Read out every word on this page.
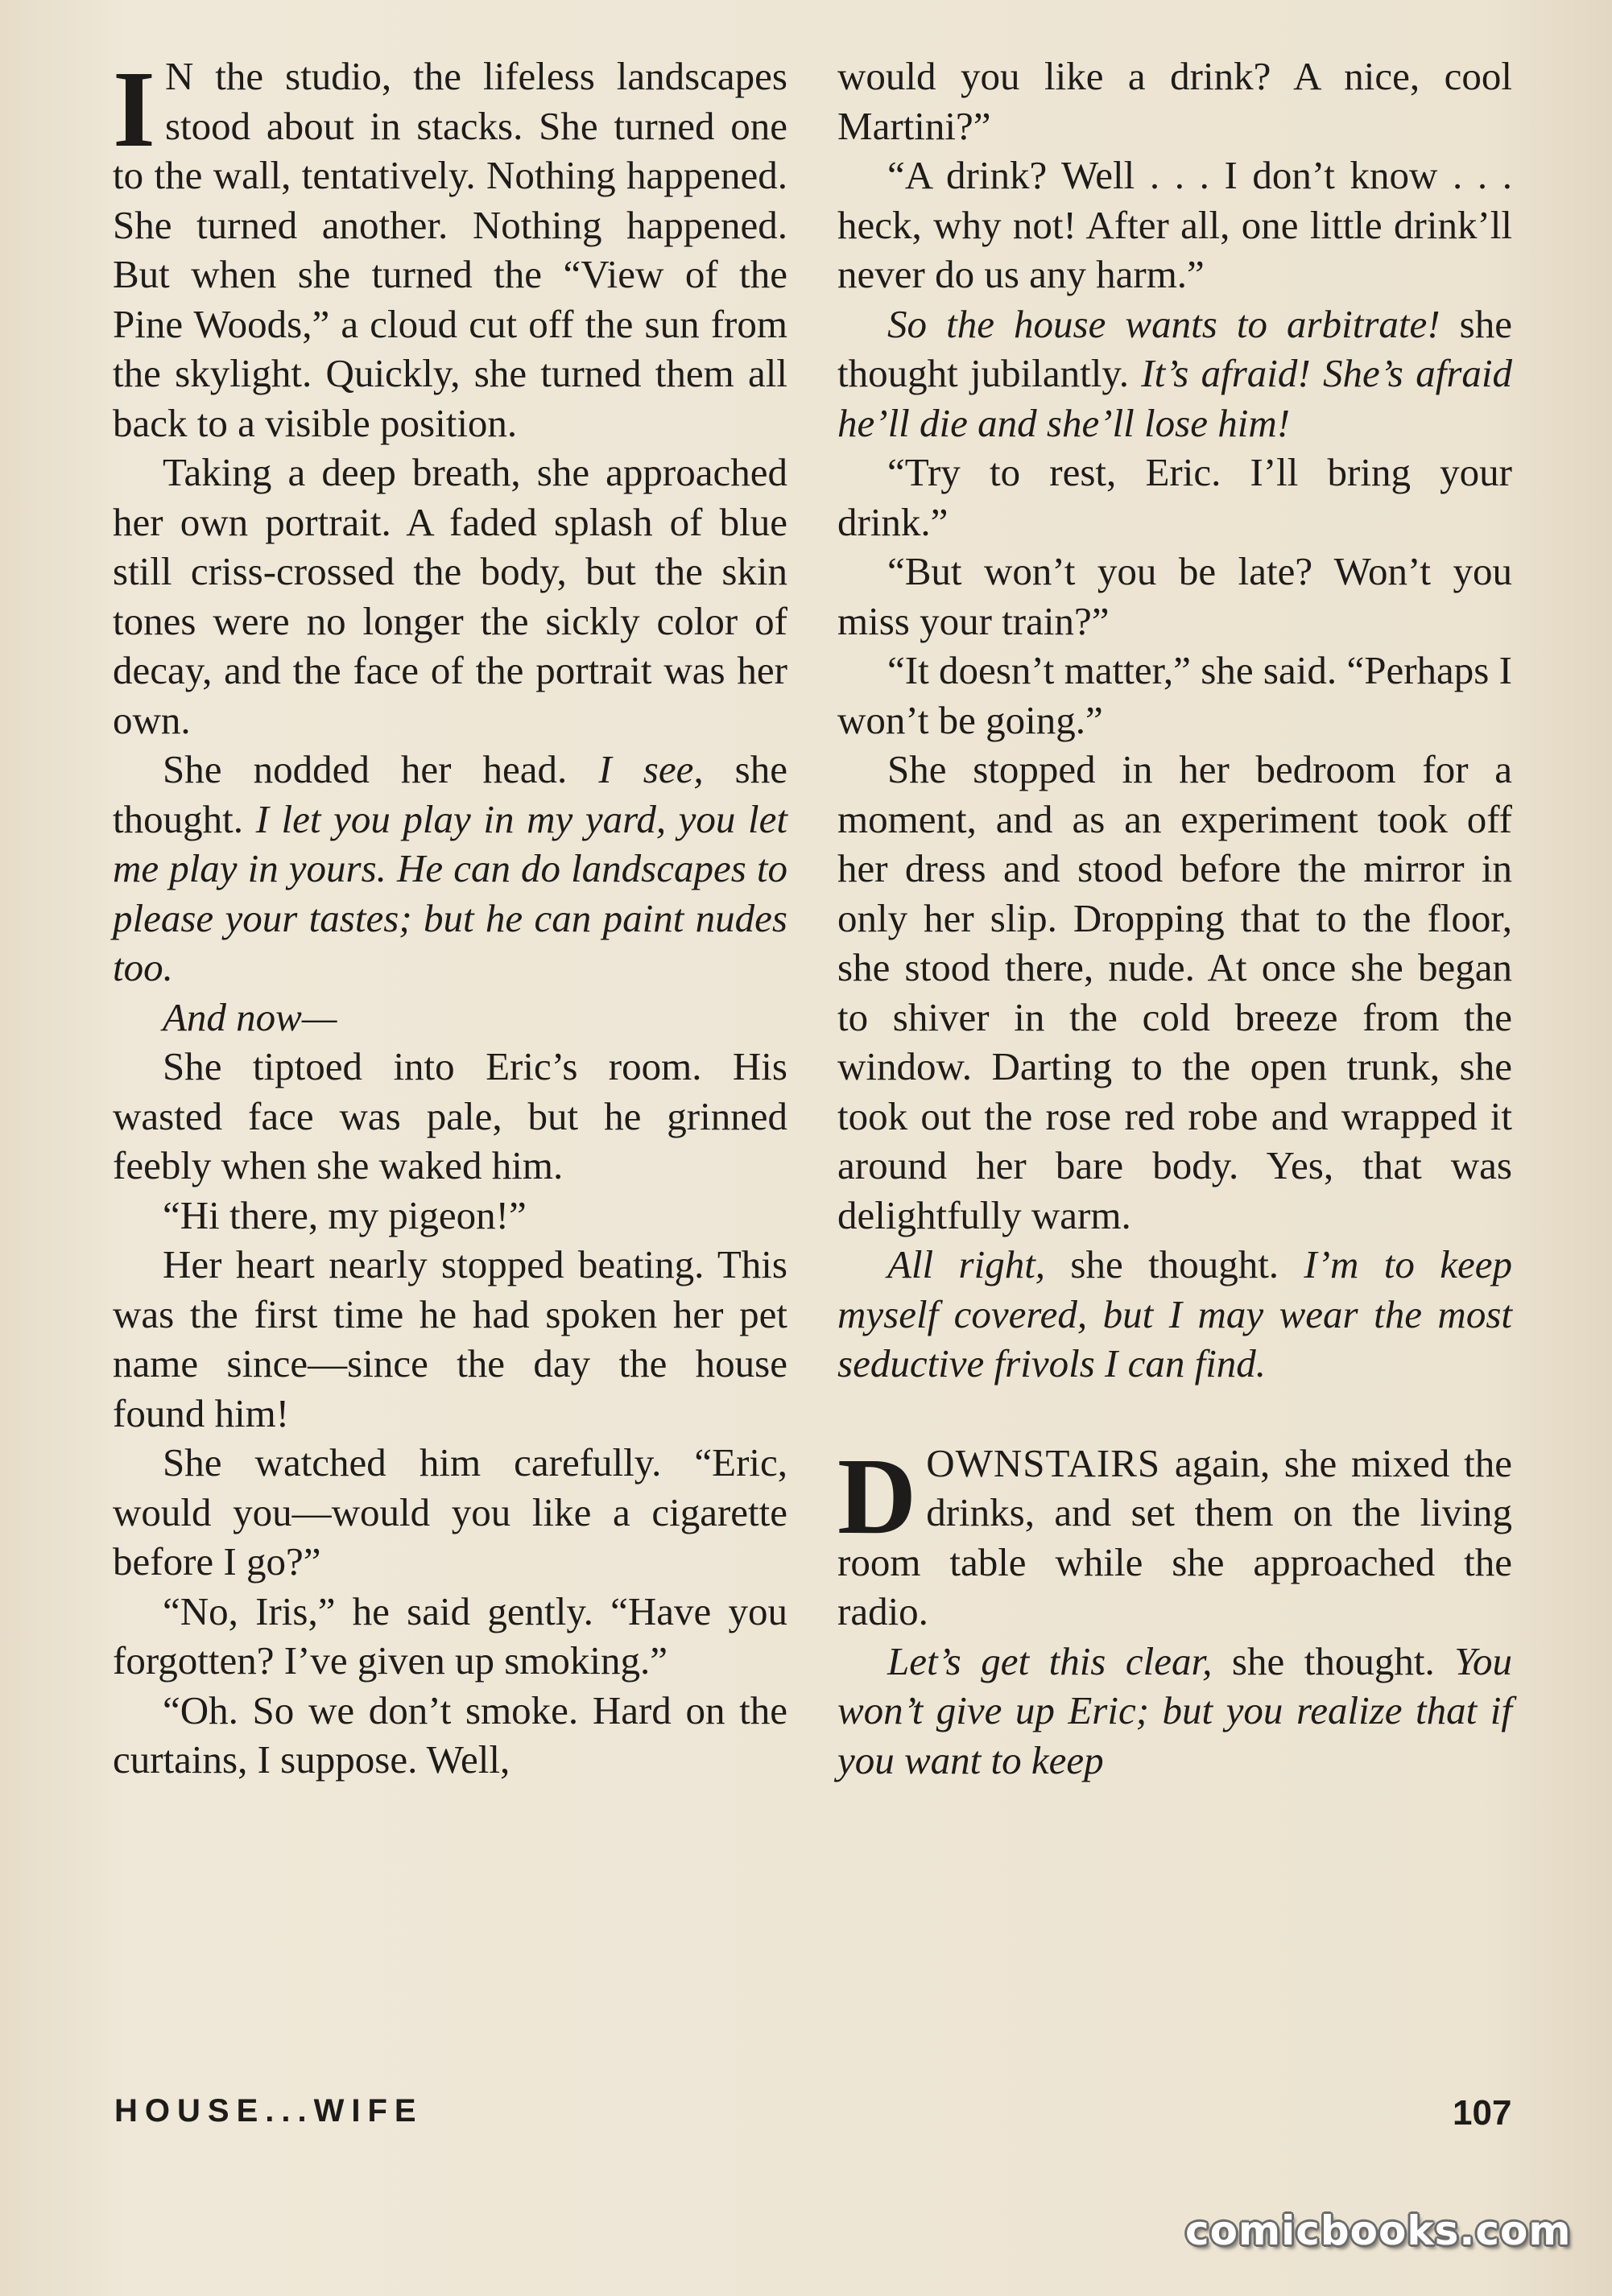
I N the studio, the lifeless landscapes stood about in stacks. She turned one to the wall, tentatively. Nothing happened. She turned another. Nothing happened. But when she turned the “View of the Pine Woods,” a cloud cut off the sun from the skylight. Quickly, she turned them all back to a visible position.

Taking a deep breath, she approached her own portrait. A faded splash of blue still criss-crossed the body, but the skin tones were no longer the sickly color of decay, and the face of the portrait was her own.

She nodded her head. I see, she thought. I let you play in my yard, you let me play in yours. He can do landscapes to please your tastes; but he can paint nudes too.

And now—

She tiptoed into Eric’s room. His wasted face was pale, but he grinned feebly when she waked him.

“Hi there, my pigeon!”

Her heart nearly stopped beating. This was the first time he had spoken her pet name since—since the day the house found him!

She watched him carefully. “Eric, would you—would you like a cigarette before I go?”

“No, Iris,” he said gently. “Have you forgotten? I’ve given up smoking.”

“Oh. So we don’t smoke. Hard on the curtains, I suppose. Well,

would you like a drink? A nice, cool Martini?”

“A drink? Well . . . I don’t know . . . heck, why not! After all, one little drink’ll never do us any harm.”

So the house wants to arbitrate! she thought jubilantly. It’s afraid! She’s afraid he’ll die and she’ll lose him!

“Try to rest, Eric. I’ll bring your drink.”

“But won’t you be late? Won’t you miss your train?”

“It doesn’t matter,” she said. “Perhaps I won’t be going.”

She stopped in her bedroom for a moment, and as an experiment took off her dress and stood before the mirror in only her slip. Dropping that to the floor, she stood there, nude. At once she began to shiver in the cold breeze from the window. Darting to the open trunk, she took out the rose red robe and wrapped it around her bare body. Yes, that was delightfully warm.

All right, she thought. I’m to keep myself covered, but I may wear the most seductive frivols I can find.

DOWNSTAIRS again, she mixed the drinks, and set them on the living room table while she approached the radio.

Let’s get this clear, she thought. You won’t give up Eric; but you realize that if you want to keep

HOUSE...WIFE	107
comicbooks.com
